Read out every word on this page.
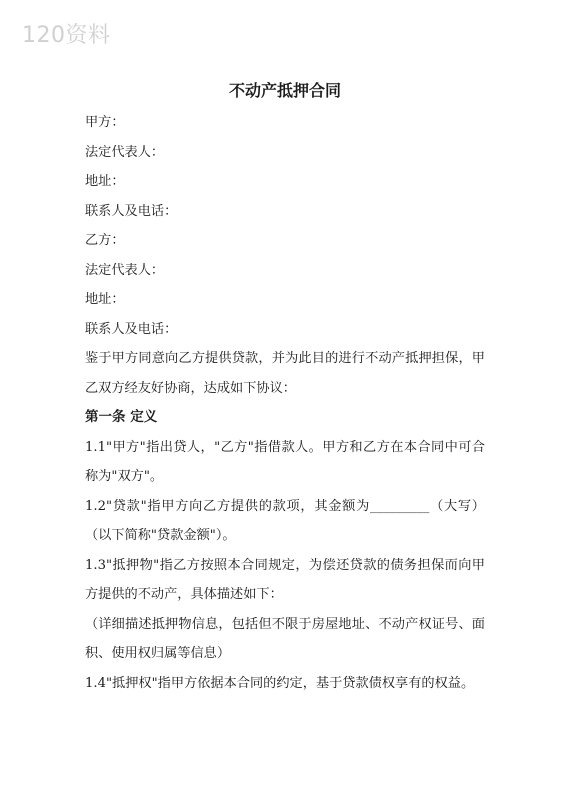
120资料
不动产抵押合同

甲方：

法定代表人：

地址：

联系人及电话：

乙方：

法定代表人：

地址：

联系人及电话：

鉴于甲方同意向乙方提供贷款，并为此目的进行不动产抵押担保，甲乙双方经友好协商，达成如下协议：

第一条 定义

1.1"甲方"指出贷人，"乙方"指借款人。甲方和乙方在本合同中可合称为"双方"。

1.2"贷款"指甲方向乙方提供的款项，其金额为_________（大写）（以下简称"贷款金额"）。

1.3"抵押物"指乙方按照本合同规定，为偿还贷款的债务担保而向甲方提供的不动产，具体描述如下：

（详细描述抵押物信息，包括但不限于房屋地址、不动产权证号、面积、使用权归属等信息）

1.4"抵押权"指甲方依据本合同的约定，基于贷款债权享有的权益。
